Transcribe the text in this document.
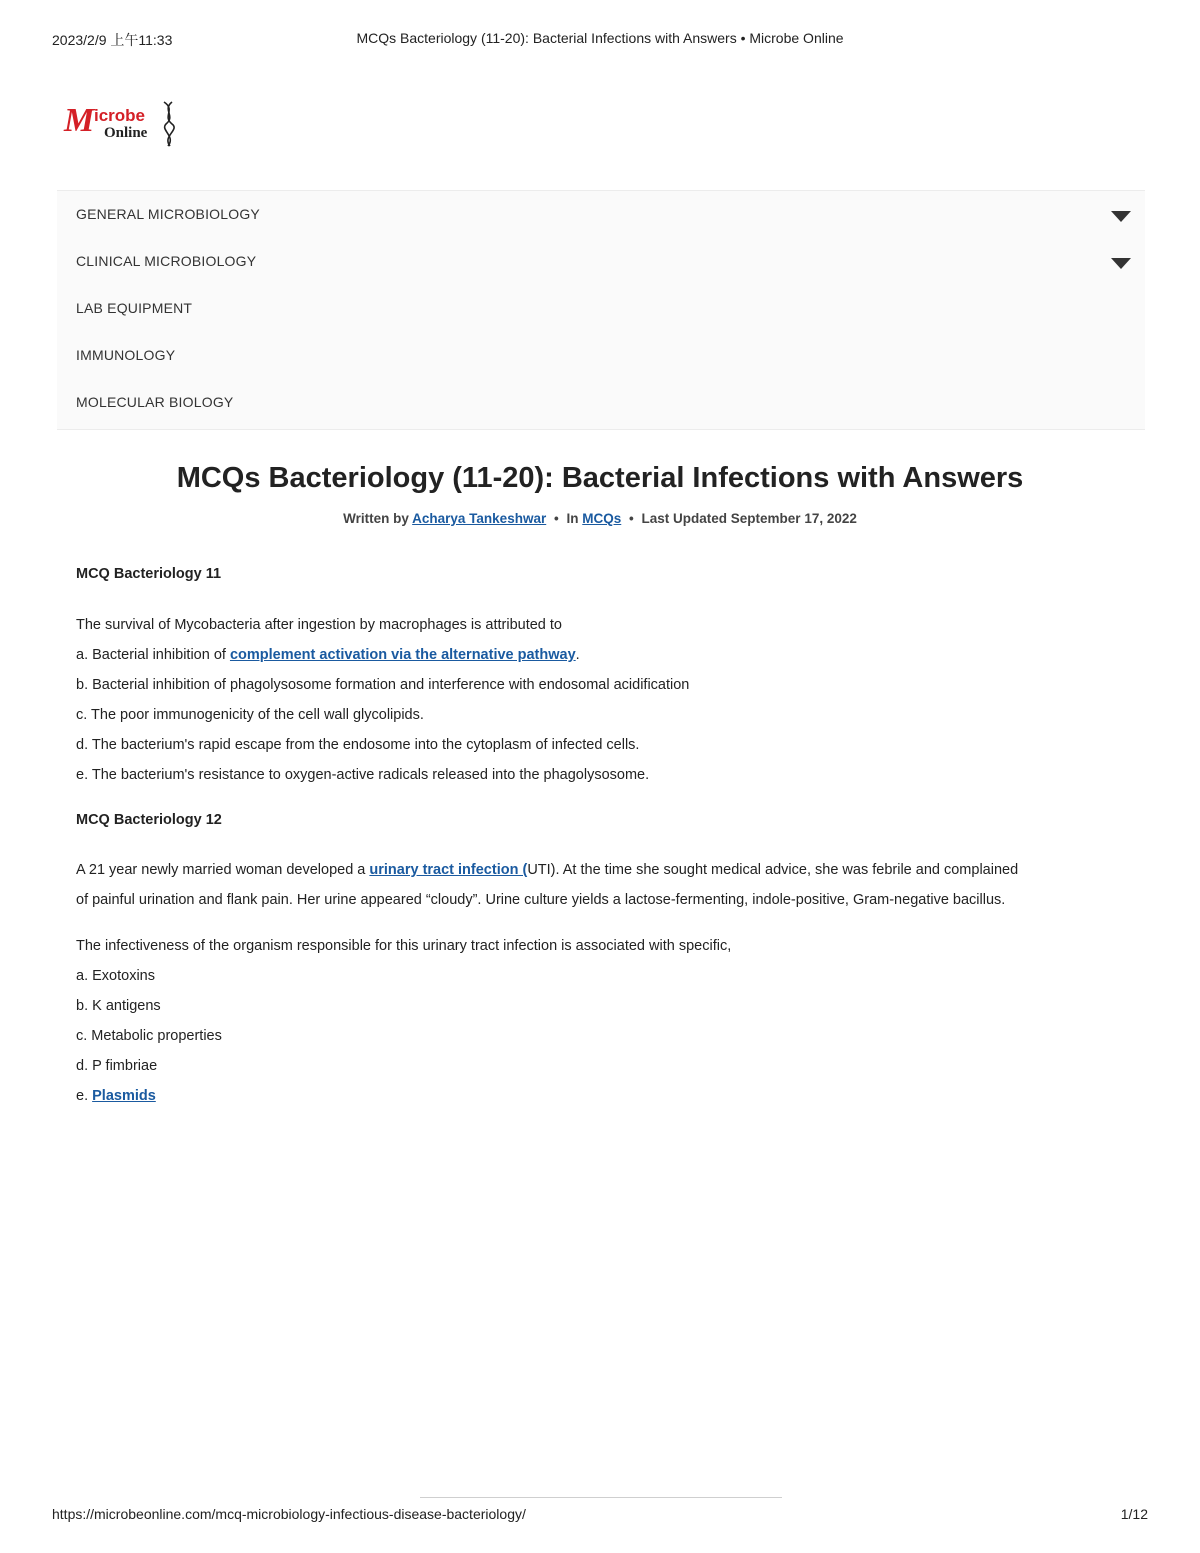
2023/2/9 上午11:33	MCQs Bacteriology (11-20): Bacterial Infections with Answers • Microbe Online
M icrobe
Online
GENERAL MICROBIOLOGY
CLINICAL MICROBIOLOGY
LAB EQUIPMENT
IMMUNOLOGY
MOLECULAR BIOLOGY
MCQs Bacteriology (11-20): Bacterial Infections with Answers
Written by Acharya Tankeshwar • In MCQs • Last Updated September 17, 2022
MCQ Bacteriology 11

The survival of Mycobacteria after ingestion by macrophages is attributed to

a. Bacterial inhibition of complement activation via the alternative pathway.

b. Bacterial inhibition of phagolysosome formation and interference with endosomal acidification

c. The poor immunogenicity of the cell wall glycolipids.

d. The bacterium's rapid escape from the endosome into the cytoplasm of infected cells.

e. The bacterium's resistance to oxygen-active radicals released into the phagolysosome.

MCQ Bacteriology 12

A 21 year newly married woman developed a urinary tract infection (UTI). At the time she sought medical advice, she was febrile and complained

of painful urination and flank pain. Her urine appeared “cloudy”. Urine culture yields a lactose-fermenting, indole-positive, Gram-negative bacillus.

The infectiveness of the organism responsible for this urinary tract infection is associated with specific,

a. Exotoxins

b. K antigens

c. Metabolic properties

d. P fimbriae

e. Plasmids

https://microbeonline.com/mcq-microbiology-infectious-disease-bacteriology/	1/12
